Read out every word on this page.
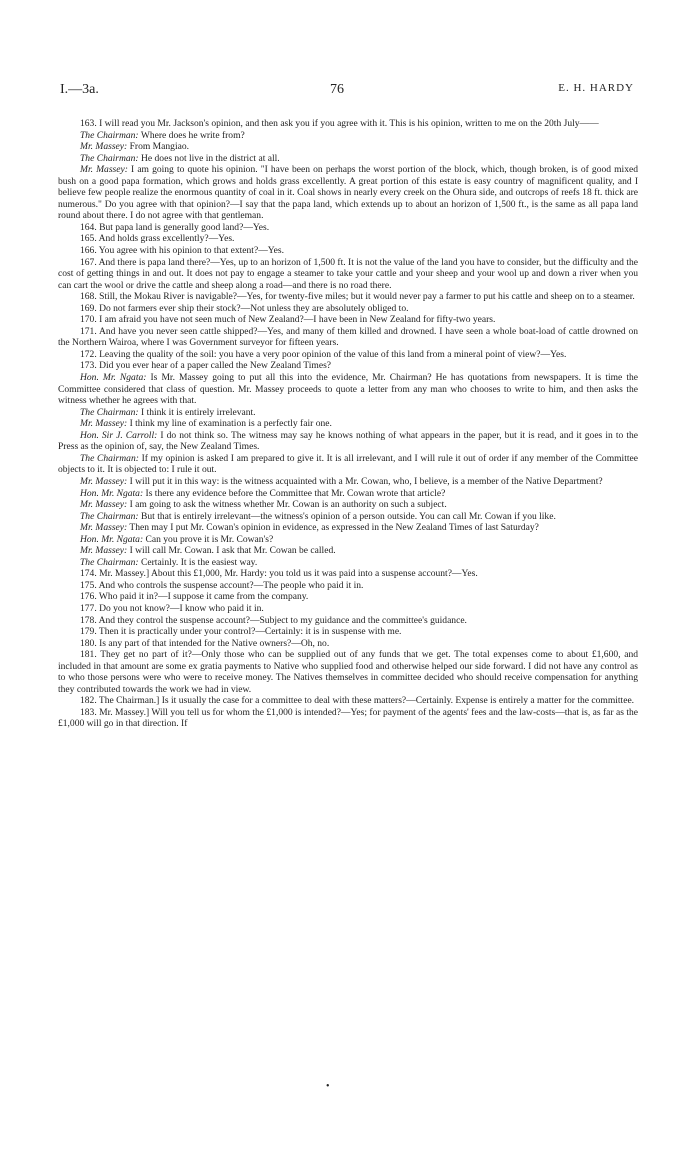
I.—3a.	76	E. H. HARDY

163. I will read you Mr. Jackson's opinion, and then ask you if you agree with it. This is his opinion, written to me on the 20th July——

The Chairman: Where does he write from?

Mr. Massey: From Mangiao.

The Chairman: He does not live in the district at all.

Mr. Massey: I am going to quote his opinion. "I have been on perhaps the worst portion of the block, which, though broken, is of good mixed bush on a good papa formation, which grows and holds grass excellently. A great portion of this estate is easy country of magnificent quality, and I believe few people realize the enormous quantity of coal in it. Coal shows in nearly every creek on the Ohura side, and outcrops of reefs 18 ft. thick are numerous." Do you agree with that opinion?—I say that the papa land, which extends up to about an horizon of 1,500 ft., is the same as all papa land round about there. I do not agree with that gentleman.

164. But papa land is generally good land?—Yes.

165. And holds grass excellently?—Yes.

166. You agree with his opinion to that extent?—Yes.

167. And there is papa land there?—Yes, up to an horizon of 1,500 ft. It is not the value of the land you have to consider, but the difficulty and the cost of getting things in and out. It does not pay to engage a steamer to take your cattle and your sheep and your wool up and down a river when you can cart the wool or drive the cattle and sheep along a road—and there is no road there.

168. Still, the Mokau River is navigable?—Yes, for twenty-five miles; but it would never pay a farmer to put his cattle and sheep on to a steamer.

169. Do not farmers ever ship their stock?—Not unless they are absolutely obliged to.

170. I am afraid you have not seen much of New Zealand?—I have been in New Zealand for fifty-two years.

171. And have you never seen cattle shipped?—Yes, and many of them killed and drowned. I have seen a whole boat-load of cattle drowned on the Northern Wairoa, where I was Government surveyor for fifteen years.

172. Leaving the quality of the soil: you have a very poor opinion of the value of this land from a mineral point of view?—Yes.

173. Did you ever hear of a paper called the New Zealand Times?

Hon. Mr. Ngata: Is Mr. Massey going to put all this into the evidence, Mr. Chairman? He has quotations from newspapers. It is time the Committee considered that class of question. Mr. Massey proceeds to quote a letter from any man who chooses to write to him, and then asks the witness whether he agrees with that.

The Chairman: I think it is entirely irrelevant.

Mr. Massey: I think my line of examination is a perfectly fair one.

Hon. Sir J. Carroll: I do not think so. The witness may say he knows nothing of what appears in the paper, but it is read, and it goes in to the Press as the opinion of, say, the New Zealand Times.

The Chairman: If my opinion is asked I am prepared to give it. It is all irrelevant, and I will rule it out of order if any member of the Committee objects to it. It is objected to: I rule it out.

Mr. Massey: I will put it in this way: is the witness acquainted with a Mr. Cowan, who, I believe, is a member of the Native Department?

Hon. Mr. Ngata: Is there any evidence before the Committee that Mr. Cowan wrote that article?

Mr. Massey: I am going to ask the witness whether Mr. Cowan is an authority on such a subject.

The Chairman: But that is entirely irrelevant—the witness's opinion of a person outside. You can call Mr. Cowan if you like.

Mr. Massey: Then may I put Mr. Cowan's opinion in evidence, as expressed in the New Zealand Times of last Saturday?

Hon. Mr. Ngata: Can you prove it is Mr. Cowan's?

Mr. Massey: I will call Mr. Cowan. I ask that Mr. Cowan be called.

The Chairman: Certainly. It is the easiest way.

174. Mr. Massey.] About this £1,000, Mr. Hardy: you told us it was paid into a suspense account?—Yes.

175. And who controls the suspense account?—The people who paid it in.

176. Who paid it in?—I suppose it came from the company.

177. Do you not know?—I know who paid it in.

178. And they control the suspense account?—Subject to my guidance and the committee's guidance.

179. Then it is practically under your control?—Certainly: it is in suspense with me.

180. Is any part of that intended for the Native owners?—Oh, no.

181. They get no part of it?—Only those who can be supplied out of any funds that we get. The total expenses come to about £1,600, and included in that amount are some ex gratia payments to Native who supplied food and otherwise helped our side forward. I did not have any control as to who those persons were who were to receive money. The Natives themselves in committee decided who should receive compensation for anything they contributed towards the work we had in view.

182. The Chairman.] Is it usually the case for a committee to deal with these matters?—Certainly. Expense is entirely a matter for the committee.

183. Mr. Massey.] Will you tell us for whom the £1,000 is intended?—Yes; for payment of the agents' fees and the law-costs—that is, as far as the £1,000 will go in that direction. If

•
